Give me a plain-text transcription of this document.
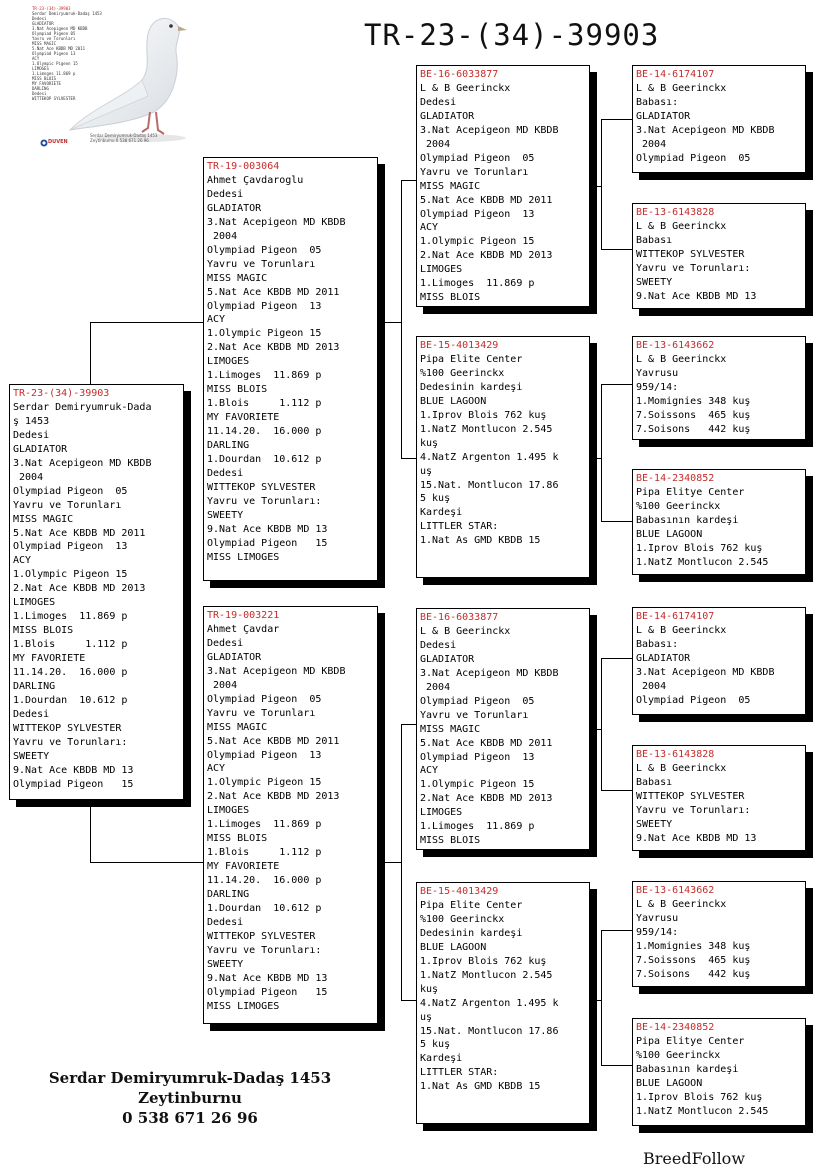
TR-23-(34)-39903
TR-23-(34)-39903
Serdar Demiryumruk-Dadaş 1453
Dedesi
GLADIATOR
3.Nat Acepigeon MD KBDB
Olympiad Pigeon 05
Yavru ve Torunları
MISS MAGIC
5.Nat Ace KBDB MD 2011
Olympiad Pigeon 13
ACY
1.Olympic Pigeon 15
LIMOGES
1.Limoges 11.869 p
MISS BLOIS
MY FAVORIETE
DARLING
Dedesi
WITTEKOP SYLVESTER
DUVEN
Serdar Demiryumruk-Dadaş 1453 Zeytinburnu 0 538 671 26 96
TR-23-(34)-39903
Serdar Demiryumruk-Dada
ş 1453
Dedesi
GLADIATOR
3.Nat Acepigeon MD KBDB
2004
Olympiad Pigeon  05
Yavru ve Torunları
MISS MAGIC
5.Nat Ace KBDB MD 2011
Olympiad Pigeon  13
ACY
1.Olympic Pigeon 15
2.Nat Ace KBDB MD 2013
LIMOGES
1.Limoges  11.869 p
MISS BLOIS
1.Blois     1.112 p
MY FAVORIETE
11.14.20.  16.000 p
DARLING
1.Dourdan  10.612 p
Dedesi
WITTEKOP SYLVESTER
Yavru ve Torunları:
SWEETY
9.Nat Ace KBDB MD 13
Olympiad Pigeon   15
TR-19-003064
Ahmet Çavdaroglu
Dedesi
GLADIATOR
3.Nat Acepigeon MD KBDB
2004
Olympiad Pigeon  05
Yavru ve Torunları
MISS MAGIC
5.Nat Ace KBDB MD 2011
Olympiad Pigeon  13
ACY
1.Olympic Pigeon 15
2.Nat Ace KBDB MD 2013
LIMOGES
1.Limoges  11.869 p
MISS BLOIS
1.Blois     1.112 p
MY FAVORIETE
11.14.20.  16.000 p
DARLING
1.Dourdan  10.612 p
Dedesi
WITTEKOP SYLVESTER
Yavru ve Torunları:
SWEETY
9.Nat Ace KBDB MD 13
Olympiad Pigeon   15
MISS LIMOGES
TR-19-003221
Ahmet Çavdar
Dedesi
GLADIATOR
3.Nat Acepigeon MD KBDB
2004
Olympiad Pigeon  05
Yavru ve Torunları
MISS MAGIC
5.Nat Ace KBDB MD 2011
Olympiad Pigeon  13
ACY
1.Olympic Pigeon 15
2.Nat Ace KBDB MD 2013
LIMOGES
1.Limoges  11.869 p
MISS BLOIS
1.Blois     1.112 p
MY FAVORIETE
11.14.20.  16.000 p
DARLING
1.Dourdan  10.612 p
Dedesi
WITTEKOP SYLVESTER
Yavru ve Torunları:
SWEETY
9.Nat Ace KBDB MD 13
Olympiad Pigeon   15
MISS LIMOGES
BE-16-6033877
L & B Geerinckx
Dedesi
GLADIATOR
3.Nat Acepigeon MD KBDB
2004
Olympiad Pigeon  05
Yavru ve Torunları
MISS MAGIC
5.Nat Ace KBDB MD 2011
Olympiad Pigeon  13
ACY
1.Olympic Pigeon 15
2.Nat Ace KBDB MD 2013
LIMOGES
1.Limoges  11.869 p
MISS BLOIS
BE-15-4013429
Pipa Elite Center
%100 Geerinckx
Dedesinin kardeşi
BLUE LAGOON
1.Iprov Blois 762 kuş
1.NatZ Montlucon 2.545
kuş
4.NatZ Argenton 1.495 k
uş
15.Nat. Montlucon 17.86
5 kuş
Kardeşi
LITTLER STAR:
1.Nat As GMD KBDB 15
BE-16-6033877
L & B Geerinckx
Dedesi
GLADIATOR
3.Nat Acepigeon MD KBDB
2004
Olympiad Pigeon  05
Yavru ve Torunları
MISS MAGIC
5.Nat Ace KBDB MD 2011
Olympiad Pigeon  13
ACY
1.Olympic Pigeon 15
2.Nat Ace KBDB MD 2013
LIMOGES
1.Limoges  11.869 p
MISS BLOIS
BE-15-4013429
Pipa Elite Center
%100 Geerinckx
Dedesinin kardeşi
BLUE LAGOON
1.Iprov Blois 762 kuş
1.NatZ Montlucon 2.545
kuş
4.NatZ Argenton 1.495 k
uş
15.Nat. Montlucon 17.86
5 kuş
Kardeşi
LITTLER STAR:
1.Nat As GMD KBDB 15
BE-14-6174107
L & B Geerinckx
Babası:
GLADIATOR
3.Nat Acepigeon MD KBDB
2004
Olympiad Pigeon  05
BE-13-6143828
L & B Geerinckx
Babası
WITTEKOP SYLVESTER
Yavru ve Torunları:
SWEETY
9.Nat Ace KBDB MD 13
BE-13-6143662
L & B Geerinckx
Yavrusu
959/14:
1.Momignies 348 kuş
7.Soissons  465 kuş
7.Soisons   442 kuş
BE-14-2340852
Pipa Elitye Center
%100 Geerinckx
Babasının kardeşi
BLUE LAGOON
1.Iprov Blois 762 kuş
1.NatZ Montlucon 2.545
BE-14-6174107
L & B Geerinckx
Babası:
GLADIATOR
3.Nat Acepigeon MD KBDB
2004
Olympiad Pigeon  05
BE-13-6143828
L & B Geerinckx
Babası
WITTEKOP SYLVESTER
Yavru ve Torunları:
SWEETY
9.Nat Ace KBDB MD 13
BE-13-6143662
L & B Geerinckx
Yavrusu
959/14:
1.Momignies 348 kuş
7.Soissons  465 kuş
7.Soisons   442 kuş
BE-14-2340852
Pipa Elitye Center
%100 Geerinckx
Babasının kardeşi
BLUE LAGOON
1.Iprov Blois 762 kuş
1.NatZ Montlucon 2.545
Serdar Demiryumruk-Dadaş 1453
Zeytinburnu
0 538 671 26 96
BreedFollow
